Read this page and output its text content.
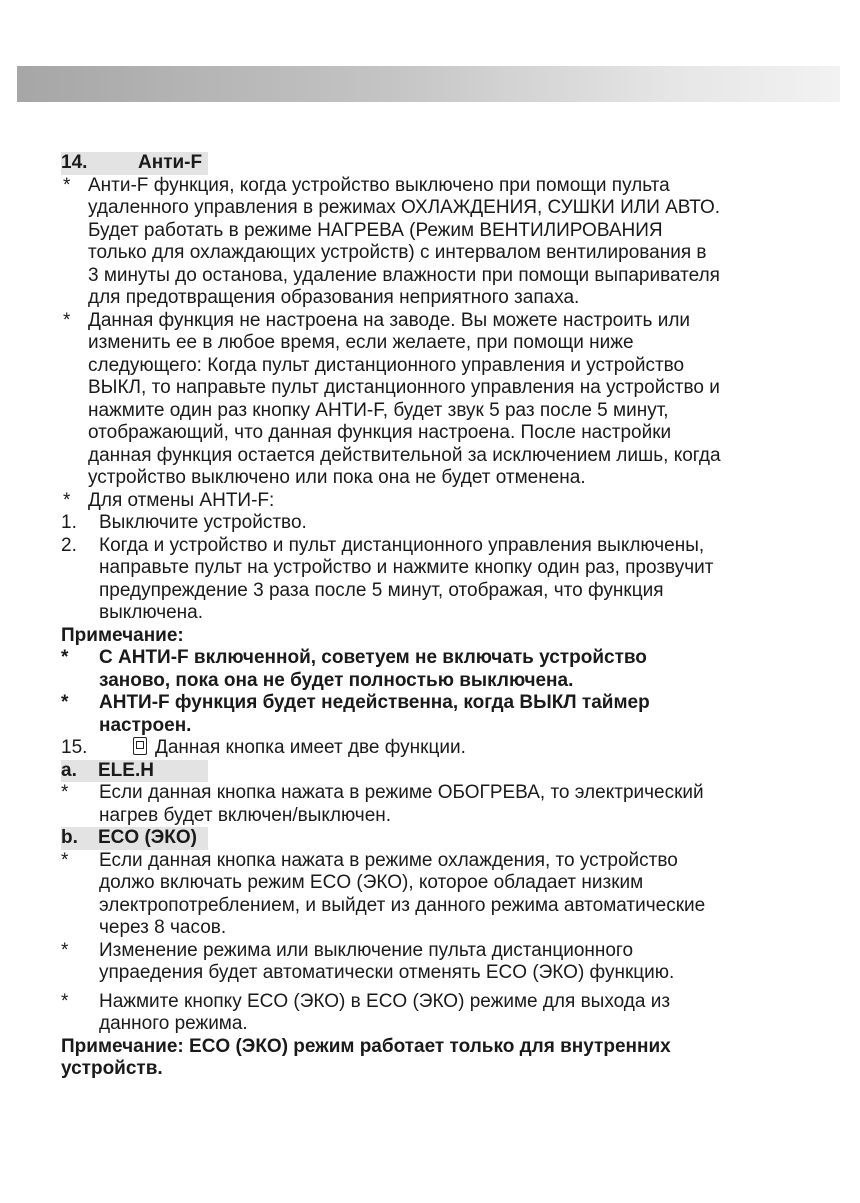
14.	Анти-F
* Анти-F функция, когда устройство выключено при помощи пульта
удаленного управления в режимах ОХЛАЖДЕНИЯ, СУШКИ ИЛИ АВТО.
Будет работать в режиме НАГРЕВА (Режим ВЕНТИЛИРОВАНИЯ
только для охлаждающих устройств) с интервалом вентилирования в
3 минуты до останова, удаление влажности при помощи выпаривателя
для предотвращения образования неприятного запаха.
* Данная функция не настроена на заводе. Вы можете настроить или
изменить ее в любое время, если желаете, при помощи ниже
следующего: Когда пульт дистанционного управления и устройство
ВЫКЛ, то направьте пульт дистанционного управления на устройство и
нажмите один раз кнопку АНТИ-F, будет звук 5 раз после 5 минут,
отображающий, что данная функция настроена. После настройки
данная функция остается действительной за исключением лишь, когда
устройство выключено или пока она не будет отменена.
* Для отмены АНТИ-F:
1. Выключите устройство.
2. Когда и устройство и пульт дистанционного управления выключены,
направьте пульт на устройство и нажмите кнопку один раз, прозвучит
предупреждение 3 раза после 5 минут, отображая, что функция
выключена.
Примечание:
* С АНТИ-F включенной, советуем не включать устройство
заново, пока она не будет полностью выключена.
* АНТИ-F функция будет недейственна, когда ВЫКЛ таймер
настроен.
15.	Данная кнопка имеет две функции.
a.	ELE.H
* Если данная кнопка нажата в режиме ОБОГРЕВА, то электрический
нагрев будет включен/выключен.
b.	ECO (ЭКО)
* Если данная кнопка нажата в режиме охлаждения, то устройство
должо включать режим ECO (ЭКО), которое обладает низким
электропотреблением, и выйдет из данного режима автоматические
через 8 часов.
* Изменение режима или выключение пульта дистанционного
упраедения будет автоматически отменять ECO (ЭКО) функцию.
* Нажмите кнопку ECO (ЭКО) в ECO (ЭКО) режиме для выхода из
данного режима.
Примечание: ECO (ЭКО) режим работает только для внутренних
устройств.
